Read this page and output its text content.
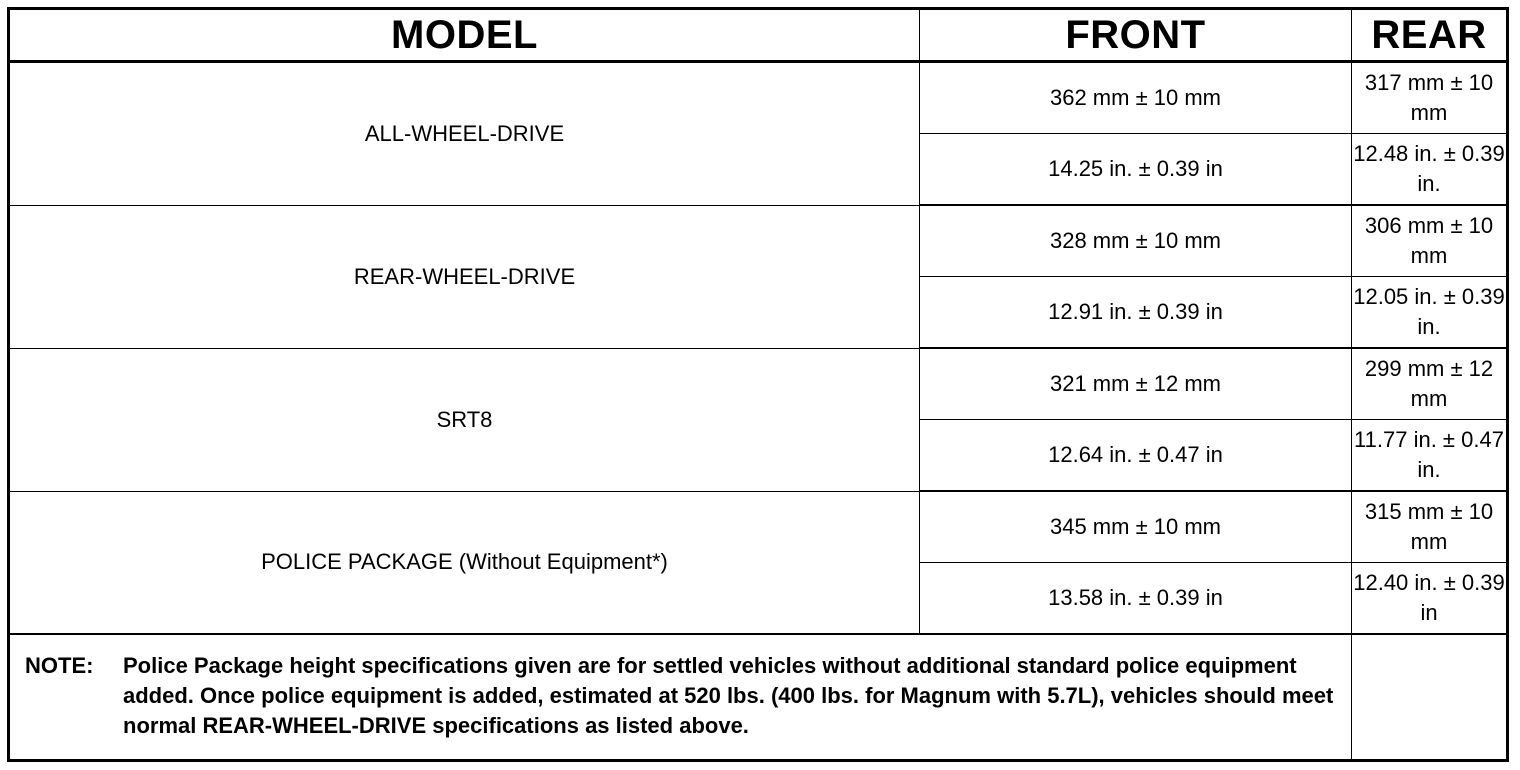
MODEL	FRONT	REAR
ALL-WHEEL-DRIVE	362 mm ± 10 mm	317 mm ± 10 mm
	14.25 in. ± 0.39 in	12.48 in. ± 0.39 in.
REAR-WHEEL-DRIVE	328 mm ± 10 mm	306 mm ± 10 mm
	12.91 in. ± 0.39 in	12.05 in. ± 0.39 in.
SRT8	321 mm ± 12 mm	299 mm ± 12 mm
	12.64 in. ± 0.47 in	11.77 in. ± 0.47 in.
POLICE PACKAGE (Without Equipment*)	345 mm ± 10 mm	315 mm ± 10 mm
	13.58 in. ± 0.39 in	12.40 in. ± 0.39 in

NOTE: Police Package height specifications given are for settled vehicles without additional standard police equipment added. Once police equipment is added, estimated at 520 lbs. (400 lbs. for Magnum with 5.7L), vehicles should meet normal REAR-WHEEL-DRIVE specifications as listed above.		
